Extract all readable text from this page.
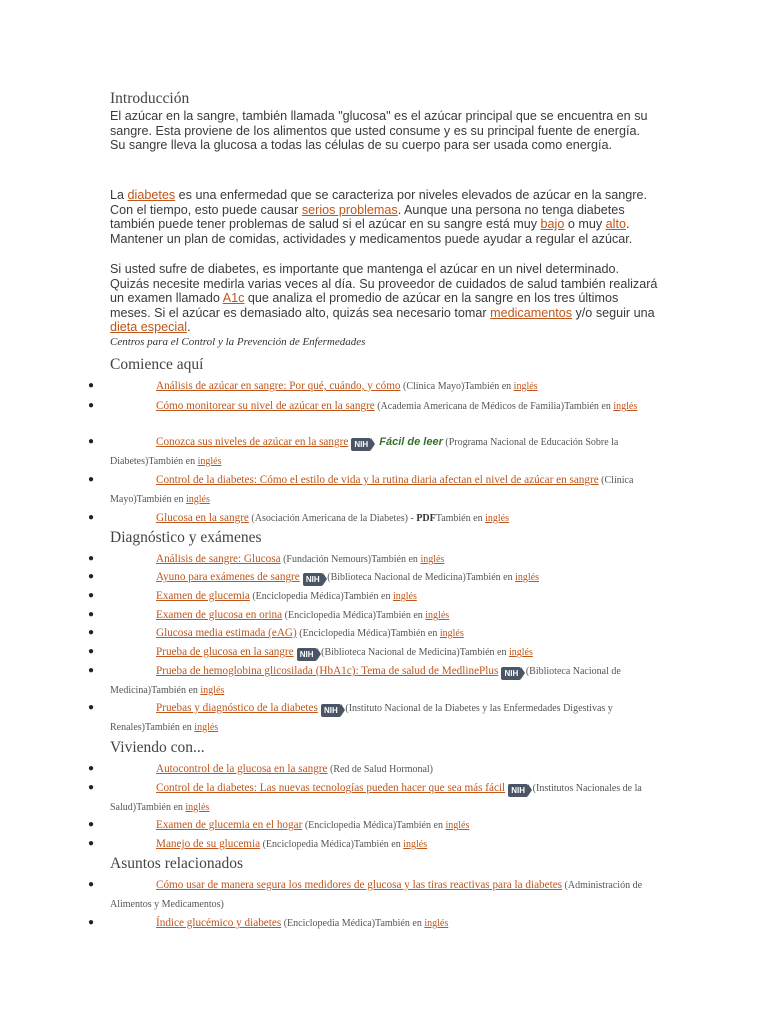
Introducción
El azúcar en la sangre, también llamada "glucosa" es el azúcar principal que se encuentra en su sangre. Esta proviene de los alimentos que usted consume y es su principal fuente de energía. Su sangre lleva la glucosa a todas las células de su cuerpo para ser usada como energía.
La diabetes es una enfermedad que se caracteriza por niveles elevados de azúcar en la sangre. Con el tiempo, esto puede causar serios problemas. Aunque una persona no tenga diabetes también puede tener problemas de salud si el azúcar en su sangre está muy bajo o muy alto. Mantener un plan de comidas, actividades y medicamentos puede ayudar a regular el azúcar.
Si usted sufre de diabetes, es importante que mantenga el azúcar en un nivel determinado. Quizás necesite medirla varias veces al día. Su proveedor de cuidados de salud también realizará un examen llamado A1c que analiza el promedio de azúcar en la sangre en los tres últimos meses. Si el azúcar es demasiado alto, quizás sea necesario tomar medicamentos y/o seguir una dieta especial.
Centros para el Control y la Prevención de Enfermedades
Comience aquí
●	Análisis de azúcar en sangre: Por qué, cuándo, y cómo (Clínica Mayo)También en inglés
●	Cómo monitorear su nivel de azúcar en la sangre (Academia Americana de Médicos de Familia)También en inglés
●	Conozca sus niveles de azúcar en la sangre NIH Fácil de leer (Programa Nacional de Educación Sobre la Diabetes)También en inglés
●	Control de la diabetes: Cómo el estilo de vida y la rutina diaria afectan el nivel de azúcar en sangre (Clínica Mayo)También en inglés
●	Glucosa en la sangre (Asociación Americana de la Diabetes) - PDFTambién en inglés
Diagnóstico y exámenes
●	Análisis de sangre: Glucosa (Fundación Nemours)También en inglés
●	Ayuno para exámenes de sangre NIH (Biblioteca Nacional de Medicina)También en inglés
●	Examen de glucemia (Enciclopedia Médica)También en inglés
●	Examen de glucosa en orina (Enciclopedia Médica)También en inglés
●	Glucosa media estimada (eAG) (Enciclopedia Médica)También en inglés
●	Prueba de glucosa en la sangre NIH (Biblioteca Nacional de Medicina)También en inglés
●	Prueba de hemoglobina glicosilada (HbA1c): Tema de salud de MedlinePlus NIH (Biblioteca Nacional de Medicina)También en inglés
●	Pruebas y diagnóstico de la diabetes NIH (Instituto Nacional de la Diabetes y las Enfermedades Digestivas y Renales)También en inglés
Viviendo con...
●	Autocontrol de la glucosa en la sangre (Red de Salud Hormonal)
●	Control de la diabetes: Las nuevas tecnologías pueden hacer que sea más fácil NIH (Institutos Nacionales de la Salud)También en inglés
●	Examen de glucemia en el hogar (Enciclopedia Médica)También en inglés
●	Manejo de su glucemia (Enciclopedia Médica)También en inglés
Asuntos relacionados
●	Cómo usar de manera segura los medidores de glucosa y las tiras reactivas para la diabetes (Administración de Alimentos y Medicamentos)
●	Índice glucémico y diabetes (Enciclopedia Médica)También en inglés
